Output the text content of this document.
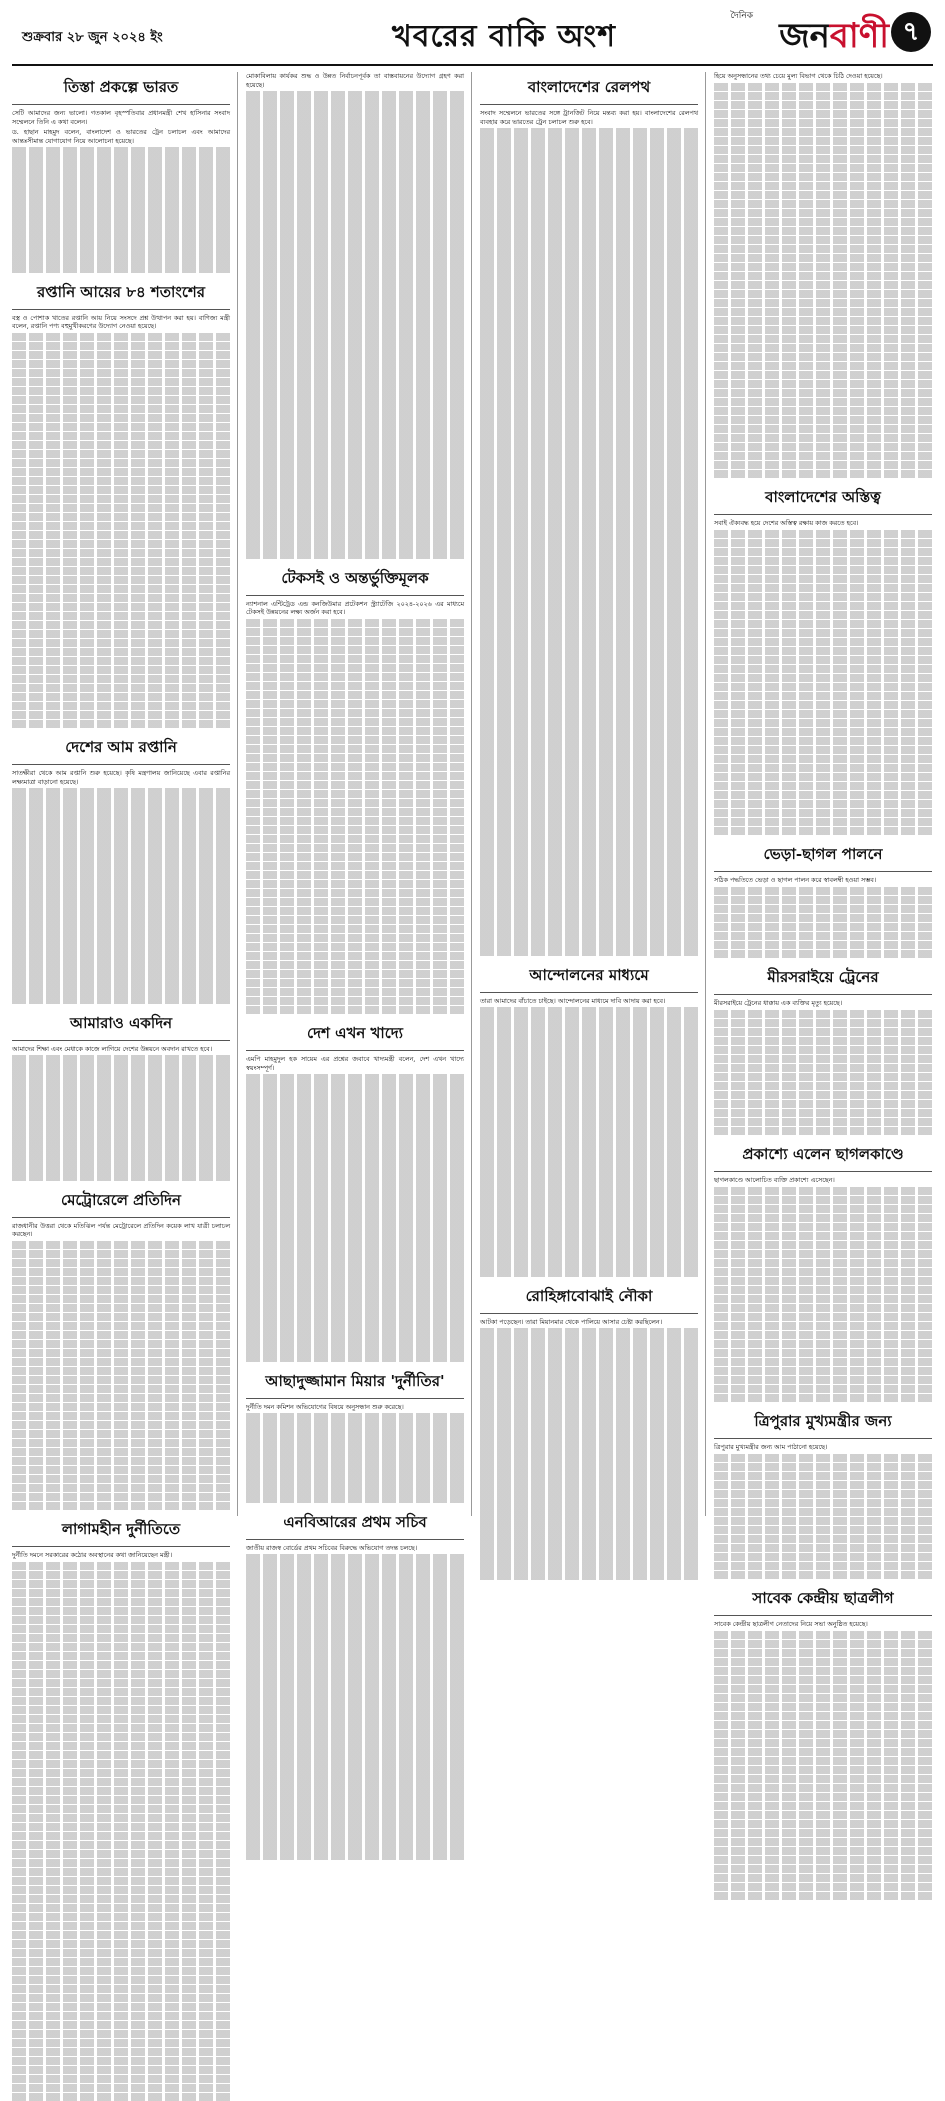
শুক্রবার ২৮ জুন ২০২৪ ইং	খবরের বাকি অংশ
দৈনিক জনবাণী ৭
তিস্তা প্রকল্পে ভারত

সেটি আমাদের জন্য ভালো। গতকাল বৃহস্পতিবার প্রধানমন্ত্রী শেখ হাসিনার সংবাদ সম্মেলনে তিনি এ কথা বলেন।

ড. হাছান মাহমুদ বলেন, বাংলাদেশ ও ভারতের ট্রেন চলাচল এবং আমাদের আন্তঃসীমান্ত যোগাযোগ নিয়ে আলোচনা হয়েছে।

রপ্তানি আয়ের ৮৪ শতাংশের

বস্ত্র ও পোশাক খাতের রপ্তানি আয় নিয়ে সংসদে প্রশ্ন উত্থাপন করা হয়। বাণিজ্য মন্ত্রী বলেন, রপ্তানি পণ্য বহুমুখীকরণের উদ্যোগ নেওয়া হয়েছে।

দেশের আম রপ্তানি

সাতক্ষীরা থেকে আম রপ্তানি শুরু হয়েছে। কৃষি মন্ত্রণালয় জানিয়েছে এবার রপ্তানির লক্ষ্যমাত্রা বাড়ানো হয়েছে।

আমারাও একদিন

আমাদের শিক্ষা এবং মেধাকে কাজে লাগিয়ে দেশের উন্নয়নে অবদান রাখতে হবে।

মেট্রোরেলে প্রতিদিন

রাজধানীর উত্তরা থেকে মতিঝিল পর্যন্ত মেট্রোরেলে প্রতিদিন কয়েক লাখ যাত্রী চলাচল করছেন।

লাগামহীন দুর্নীতিতে

দুর্নীতি দমনে সরকারের কঠোর অবস্থানের কথা জানিয়েছেন মন্ত্রী।

মোকাবিলায় কার্যকর শুদ্ধ ও উন্নত নির্বাচনপূর্বক তা বাস্তবায়নের উদ্যোগ গ্রহণ করা হয়েছে।

টেকসই ও অন্তর্ভুক্তিমূলক

ন্যাশনাল এন্টিট্রেড এন্ড কনজিউমার প্রটেকশন স্ট্র্যাটেজি ২০২৪-২০২৬ এর মাধ্যমে টেকসই উন্নয়নের লক্ষ্য অর্জন করা হবে।

দেশ এখন খাদ্যে

এমপি মাহমুদুল হক সায়েম এর প্রশ্নের জবাবে খাদ্যমন্ত্রী বলেন, দেশ এখন খাদ্যে স্বয়ংসম্পূর্ণ।

আছাদুজ্জামান মিয়ার 'দুর্নীতির'

দুর্নীতি দমন কমিশন অভিযোগের বিষয়ে অনুসন্ধান শুরু করেছে।

এনবিআরের প্রথম সচিব

জাতীয় রাজস্ব বোর্ডের প্রথম সচিবের বিরুদ্ধে অভিযোগ তদন্ত চলছে।

বাংলাদেশের রেলপথ

সংবাদ সম্মেলনে ভারতের সঙ্গে ট্রানজিট নিয়ে মন্তব্য করা হয়। বাংলাদেশের রেলপথ ব্যবহার করে ভারতের ট্রেন চলাচল শুরু হবে।

আন্দোলনের মাধ্যমে

তারা আমাদের বাঁচাতে চাইছে। আন্দোলনের মাধ্যমে দাবি আদায় করা হবে।

রোহিঙ্গাবোঝাই নৌকা

আটকা পড়েছেন। তারা মিয়ানমার থেকে পালিয়ে আসার চেষ্টা করছিলেন।

হিয়ে অনুসন্ধানের তথ্য চেয়ে মুল্য বিভাগ থেকে চিঠি দেওয়া হয়েছে।

বাংলাদেশের অস্তিত্ব

সবাই ঐক্যবদ্ধ হয়ে দেশের অস্তিত্ব রক্ষায় কাজ করতে হবে।

ভেড়া-ছাগল পালনে

সঠিক পদ্ধতিতে ভেড়া ও ছাগল পালন করে স্বাবলম্বী হওয়া সম্ভব।

মীরসরাইয়ে ট্রেনের

মীরসরাইয়ে ট্রেনের ধাক্কায় এক ব্যক্তির মৃত্যু হয়েছে।

প্রকাশ্যে এলেন ছাগলকাণ্ডে

ছাগলকাণ্ডে আলোচিত ব্যক্তি প্রকাশ্যে এসেছেন।

ত্রিপুরার মুখ্যমন্ত্রীর জন্য

ত্রিপুরার মুখ্যমন্ত্রীর জন্য আম পাঠানো হয়েছে।

সাবেক কেন্দ্রীয় ছাত্রলীগ

সাবেক কেন্দ্রীয় ছাত্রলীগ নেতাদের নিয়ে সভা অনুষ্ঠিত হয়েছে।
